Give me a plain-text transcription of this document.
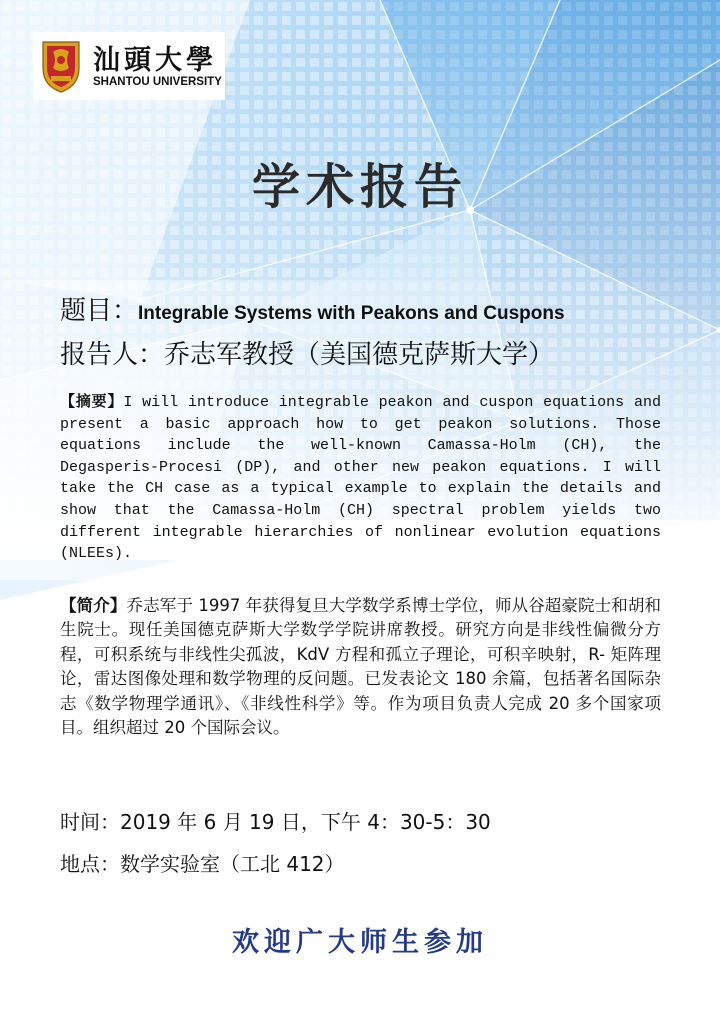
汕頭大學
SHANTOU UNIVERSITY
学术报告
题目：Integrable Systems with Peakons and Cuspons
报告人：乔志军教授（美国德克萨斯大学）
【摘要】I will introduce integrable peakon and cuspon equations and present a basic approach how to get peakon solutions. Those equations include the well-known Camassa-Holm (CH), the Degasperis-Procesi (DP), and other new peakon equations. I will take the CH case as a typical example to explain the details and show that the Camassa-Holm (CH) spectral problem yields two different integrable hierarchies of nonlinear evolution equations (NLEEs).
【简介】乔志军于 1997 年获得复旦大学数学系博士学位，师从谷超豪院士和胡和生院士。现任美国德克萨斯大学数学学院讲席教授。研究方向是非线性偏微分方程，可积系统与非线性尖孤波，KdV 方程和孤立子理论，可积辛映射，R- 矩阵理论，雷达图像处理和数学物理的反问题。已发表论文 180 余篇，包括著名国际杂志《数学物理学通讯》、《非线性科学》等。作为项目负责人完成 20 多个国家项目。组织超过 20 个国际会议。
时间：2019 年 6 月 19 日，下午 4：30-5：30
地点：数学实验室（工北 412）
欢迎广大师生参加
